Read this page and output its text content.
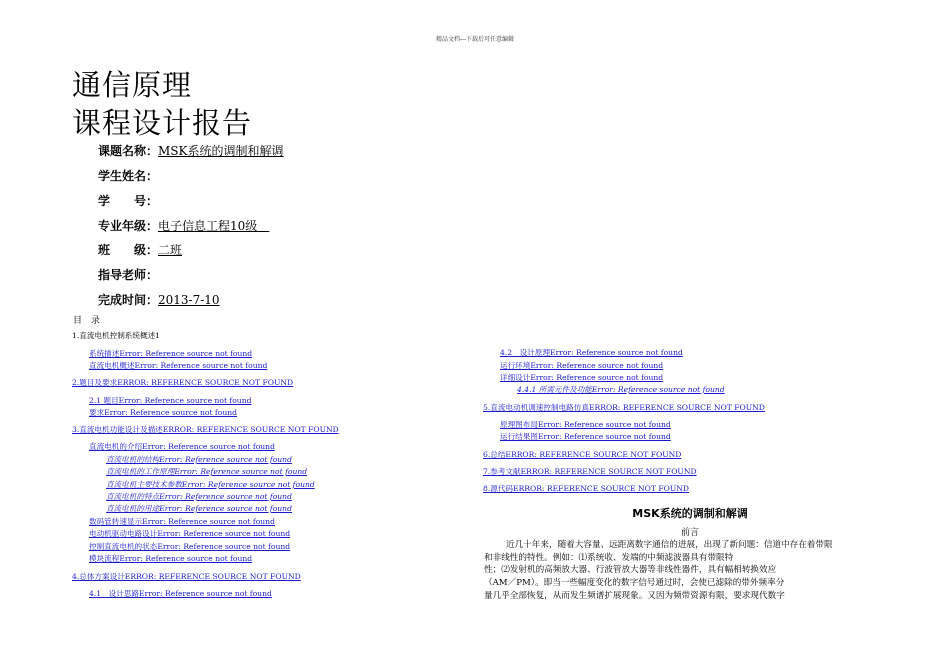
精品文档---下载后可任意编辑
通信原理
课程设计报告
课题名称：MSK系统的调制和解调
学生姓名：
学　　号：
专业年级：电子信息工程10级　
班　　级：二班
指导老师：
完成时间：2013-7-10
目　录
1.直流电机控制系统概述1
系统描述Error: Reference source not found
直流电机概述Error: Reference source not found
2.题目及要求ERROR: REFERENCE SOURCE NOT FOUND
2.1 题目Error: Reference source not found
要求Error: Reference source not found
3.直流电机功能设计及描述ERROR: REFERENCE SOURCE NOT FOUND
直流电机的介绍Error: Reference source not found
直流电机的结构Error: Reference source not found
直流电机的工作原理Error: Reference source not found
直流电机主要技术参数Error: Reference source not found
直流电机的特点Error: Reference source not found
直流电机的用途Error: Reference source not found
数码管转速显示Error: Reference source not found
电动机驱动电路设计Error: Reference source not found
控制直流电机的状态Error: Reference source not found
模块流程Error: Reference source not found
4.总体方案设计ERROR: REFERENCE SOURCE NOT FOUND
4.1　设计思路Error: Reference source not found
4.2　设计原理Error: Reference source not found
运行环境Error: Reference source not found
详细设计Error: Reference source not found
4.4.1 所需元件及功能Error: Reference source not found
5.直流电动机调速控制电路仿真ERROR: REFERENCE SOURCE NOT FOUND
原理图布局Error: Reference source not found
运行结果图Error: Reference source not found
6.总结ERROR: REFERENCE SOURCE NOT FOUND
7.参考文献ERROR: REFERENCE SOURCE NOT FOUND
8.源代码ERROR: REFERENCE SOURCE NOT FOUND
MSK系统的调制和解调
前言
近几十年来，随着大容量、远距离数字通信的进展，出现了新问题：信道中存在着带限
和非线性的特性。例如：⑴系统收、发端的中频滤波器具有带限特
性；⑵发射机的高频放大器、行波管放大器等非线性器件，具有幅相转换效应
（AM／PM）。即当一些幅度变化的数字信号通过时，会使已滤除的带外频率分
量几乎全部恢复，从而发生频谱扩展现象。又因为频带资源有限，要求现代数字
